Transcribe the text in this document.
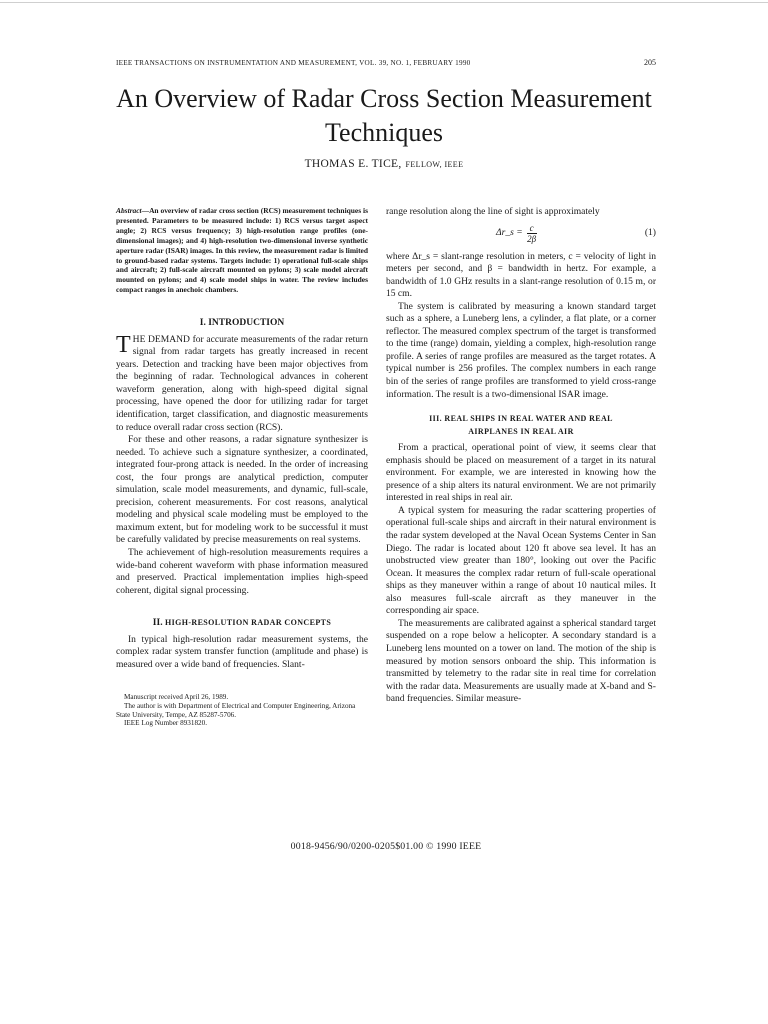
IEEE TRANSACTIONS ON INSTRUMENTATION AND MEASUREMENT, VOL. 39, NO. 1, FEBRUARY 1990	205
An Overview of Radar Cross Section Measurement Techniques
THOMAS E. TICE, FELLOW, IEEE
Abstract—An overview of radar cross section (RCS) measurement techniques is presented. Parameters to be measured include: 1) RCS versus target aspect angle; 2) RCS versus frequency; 3) high-resolution range profiles (one-dimensional images); and 4) high-resolution two-dimensional inverse synthetic aperture radar (ISAR) images. In this review, the measurement radar is limited to ground-based radar systems. Targets include: 1) operational full-scale ships and aircraft; 2) full-scale aircraft mounted on pylons; 3) scale model aircraft mounted on pylons; and 4) scale model ships in water. The review includes compact ranges in anechoic chambers.
I. INTRODUCTION

THE DEMAND for accurate measurements of the radar return signal from radar targets has greatly increased in recent years. Detection and tracking have been major objectives from the beginning of radar. Technological advances in coherent waveform generation, along with high-speed digital signal processing, have opened the door for utilizing radar for target identification, target classification, and diagnostic measurements to reduce overall radar cross section (RCS).

For these and other reasons, a radar signature synthesizer is needed. To achieve such a signature synthesizer, a coordinated, integrated four-prong attack is needed. In the order of increasing cost, the four prongs are analytical prediction, computer simulation, scale model measurements, and dynamic, full-scale, precision, coherent measurements. For cost reasons, analytical modeling and physical scale modeling must be employed to the maximum extent, but for modeling work to be successful it must be carefully validated by precise measurements on real systems.

The achievement of high-resolution measurements requires a wide-band coherent waveform with phase information measured and preserved. Practical implementation implies high-speed coherent, digital signal processing.

II. HIGH-RESOLUTION RADAR CONCEPTS

In typical high-resolution radar measurement systems, the complex radar system transfer function (amplitude and phase) is measured over a wide band of frequencies. Slant-

Manuscript received April 26, 1989.

The author is with Department of Electrical and Computer Engineering, Arizona State University, Tempe, AZ 85287-5706.

IEEE Log Number 8931820.

range resolution along the line of sight is approximately

Δr_s = $\frac{c}{2\beta}$	(1)

where Δr_s = slant-range resolution in meters, c = velocity of light in meters per second, and β = bandwidth in hertz. For example, a bandwidth of 1.0 GHz results in a slant-range resolution of 0.15 m, or 15 cm.

The system is calibrated by measuring a known standard target such as a sphere, a Luneberg lens, a cylinder, a flat plate, or a corner reflector. The measured complex spectrum of the target is transformed to the time (range) domain, yielding a complex, high-resolution range profile. A series of range profiles are measured as the target rotates. A typical number is 256 profiles. The complex numbers in each range bin of the series of range profiles are transformed to yield cross-range information. The result is a two-dimensional ISAR image.

III. REAL SHIPS IN REAL WATER AND REAL
AIRPLANES IN REAL AIR

From a practical, operational point of view, it seems clear that emphasis should be placed on measurement of a target in its natural environment. For example, we are interested in knowing how the presence of a ship alters its natural environment. We are not primarily interested in real ships in real air.

A typical system for measuring the radar scattering properties of operational full-scale ships and aircraft in their natural environment is the radar system developed at the Naval Ocean Systems Center in San Diego. The radar is located about 120 ft above sea level. It has an unobstructed view greater than 180°, looking out over the Pacific Ocean. It measures the complex radar return of full-scale operational ships as they maneuver within a range of about 10 nautical miles. It also measures full-scale aircraft as they maneuver in the corresponding air space.

The measurements are calibrated against a spherical standard target suspended on a rope below a helicopter. A secondary standard is a Luneberg lens mounted on a tower on land. The motion of the ship is measured by motion sensors onboard the ship. This information is transmitted by telemetry to the radar site in real time for correlation with the radar data. Measurements are usually made at X-band and S-band frequencies. Similar measure-

0018-9456/90/0200-0205$01.00 © 1990 IEEE
